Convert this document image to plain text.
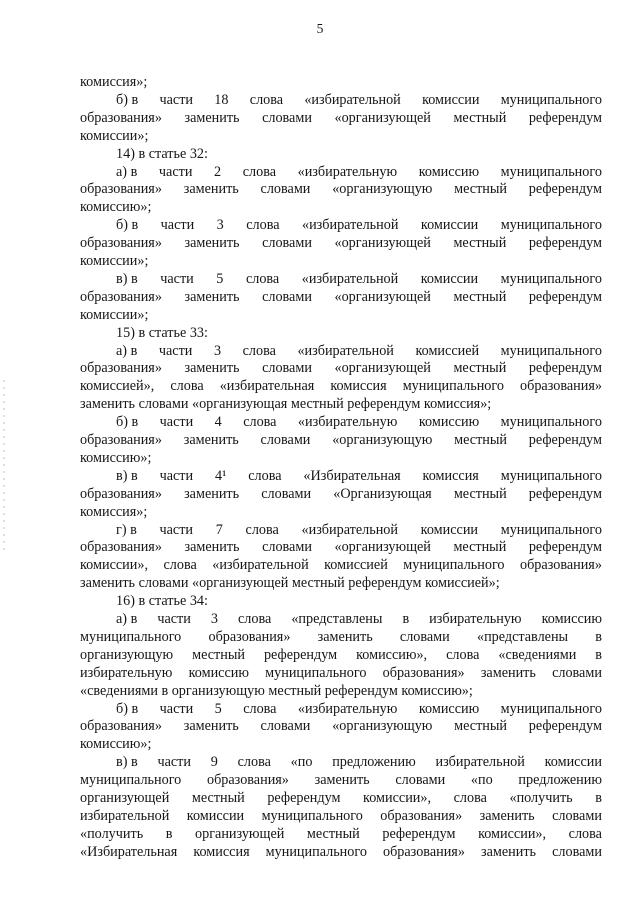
5
комиссия»;
б) в части 18 слова «избирательной комиссии муниципального
образования» заменить словами «организующей местный референдум
комиссии»;
14) в статье 32:
а) в части 2 слова «избирательную комиссию муниципального
образования» заменить словами «организующую местный референдум
комиссию»;
б) в части 3 слова «избирательной комиссии муниципального
образования» заменить словами «организующей местный референдум
комиссии»;
в) в части 5 слова «избирательной комиссии муниципального
образования» заменить словами «организующей местный референдум
комиссии»;
15) в статье 33:
а) в части 3 слова «избирательной комиссией муниципального
образования» заменить словами «организующей местный референдум
комиссией», слова «избирательная комиссия муниципального образования»
заменить словами «организующая местный референдум комиссия»;
б) в части 4 слова «избирательную комиссию муниципального
образования» заменить словами «организующую местный референдум
комиссию»;
в) в части 4¹ слова «Избирательная комиссия муниципального
образования» заменить словами «Организующая местный референдум
комиссия»;
г) в части 7 слова «избирательной комиссии муниципального
образования» заменить словами «организующей местный референдум
комиссии», слова «избирательной комиссией муниципального образования»
заменить словами «организующей местный референдум комиссией»;
16) в статье 34:
а) в части 3 слова «представлены в избирательную комиссию
муниципального образования» заменить словами «представлены в
организующую местный референдум комиссию», слова «сведениями в
избирательную комиссию муниципального образования» заменить словами
«сведениями в организующую местный референдум комиссию»;
б) в части 5 слова «избирательную комиссию муниципального
образования» заменить словами «организующую местный референдум
комиссию»;
в) в части 9 слова «по предложению избирательной комиссии
муниципального образования» заменить словами «по предложению
организующей местный референдум комиссии», слова «получить в
избирательной комиссии муниципального образования» заменить словами
«получить в организующей местный референдум комиссии», слова
«Избирательная комиссия муниципального образования» заменить словами
